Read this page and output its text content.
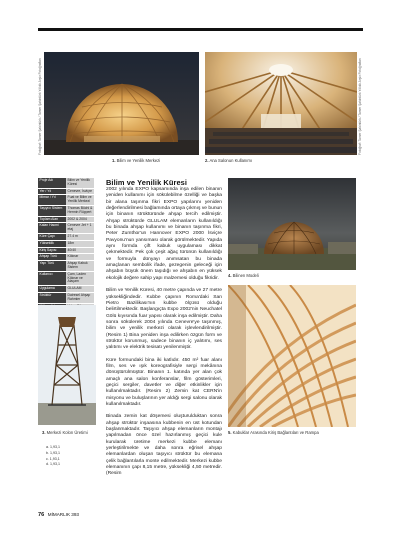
Fotoğraf: Tamer Şahintürk / Tamer Şahintürk Yıllıklı Arşiv Fotoğrafları
1. Bilim ve Yenilik Merkezi
Fotoğraf: Tamer Şahintürk / Tamer Şahintürk Yıllıklı Arşiv Fotoğrafları
2. Ana Salonun Kullanımı
Proje Adı	Bilim ve Yenilik Küresi
Yer / Yıl	Cenevre, İsviçre
Mimar / Yıl	Fuat ve Bilim ve Yenilik Merkezi
Taşıyıcı Sistem	Thomas Büchi & Hermin Rüppert
Toplam Alan	2002 & 2004
Kalan Hacmi	Cenevre Jet + 1 etaj
Küre Çapı	27.4 m
Yükseklik	18m
Kiriş Sayısı	40/40
Ahşap Türü	Köknar
Yapı Türü	Ahşap Kabuk Sistem
Kullanıcı	Çam, Laden Köknar ve Alaçam
Uygulama	GLULAM
Strüktür	Dairesel Ahşap Rahmler
3. Merkezi Kolon Üretimi
a. 1,93,1
b. 1,93,1
c. 1,93,1
d. 1,93,1
Bilim ve Yenilik Küresi

2002 yılında EXPO kapsamında inşa edilen binanın yeniden kullanımı için sökülebilme özelliği ve başka bir alana taşınma fikri EXPO yapılarını yeniden değerlendirilmesi bağlamında ortaya çıkmış ve bunun için binanın strüktüründe ahşap tercih edilmiştir. Ahşap strüktürde GLULAM elemanların kullanıldığı bu binada ahşap kullanımı ve binanın taşınma fikri, Peter Zumthor'un Hannover EXPO 2000 İsviçre Pavyonu'nun yansıması olarak görülmektedir. Yapıda aynı formda çift kabuk uygulaması dikkat çekmektedir. Pek çok çeşit ağaç türünün kullanıldığı ve formuyla dünyayı anımsatan bu binada amaçlanan sembolik ifade, gezegenin geleceği için ahşabın büyük önem taşıdığı ve ahşabın en yüksek ekolojik değere sahip yapı malzemesi olduğu fikridir.

Bilim ve Yenilik Küresi, 40 metre çapında ve 27 metre yüksekliğindedir. Kubbe çapının Roma'daki San Pietro Bazilikası'nın kubbe ölçüsü olduğu belirtilmektedir. Başlangıçta Expo 2002'nin Neuchatel Gölü kıyısında fuar yapısı olarak inşa edilmiştir. Daha sonra sökülerek 2004 yılında Cenevre'ye taşınmış, bilim ve yenilik merkezi olarak işlevlendirilmiştir. (Resim 1) Bina yeniden inşa edilirken özgün form ve strüktür korunmuş, sadece binanın iç yalıtımı, ses yalıtımı ve elektrik tesisatı yenilenmiştir.

Küre formundaki bina iki katlıdır. 450 m² fuar alanı film, ses ve ışık koreografisiyle sergi mekânına dönüştürülmüştür. Binanın 1. katında yer alan çok amaçlı ana salon konferanslar, film gösterimleri, geçici sergiler, davetler ve diğer etkinlikler için kullanılmaktadır. (Resim 2) Zemin kat CERN'in misyonu ve buluşlarının yer aldığı sergi salonu olarak kullanılmaktadır.

Binada zemin kat döşemesi oluşturulduktan sonra ahşap strüktür inşaasına kubbenin en üst kotundan başlanmaktadır. Taşıyıcı ahşap elemanların montajı yapılmadan önce özel hazırlanmış geçici kule kurularak üretime merkezi kubbe elemanı yerleştirilmekte ve daha sonra eğrisel ahşap elemanlardan oluşan taşıyıcı strüktür bu elemana çelik bağlantılarla monte edilmektedir. Merkezi kubbe elemanının çapı 8,15 metre, yüksekliği 4,50 metredir. (Resim

4. Bilinen Modeli
5. Kabuklar Arasında Kiriş Bağlantıları ve Rampa
76 MİMARLIK 393
